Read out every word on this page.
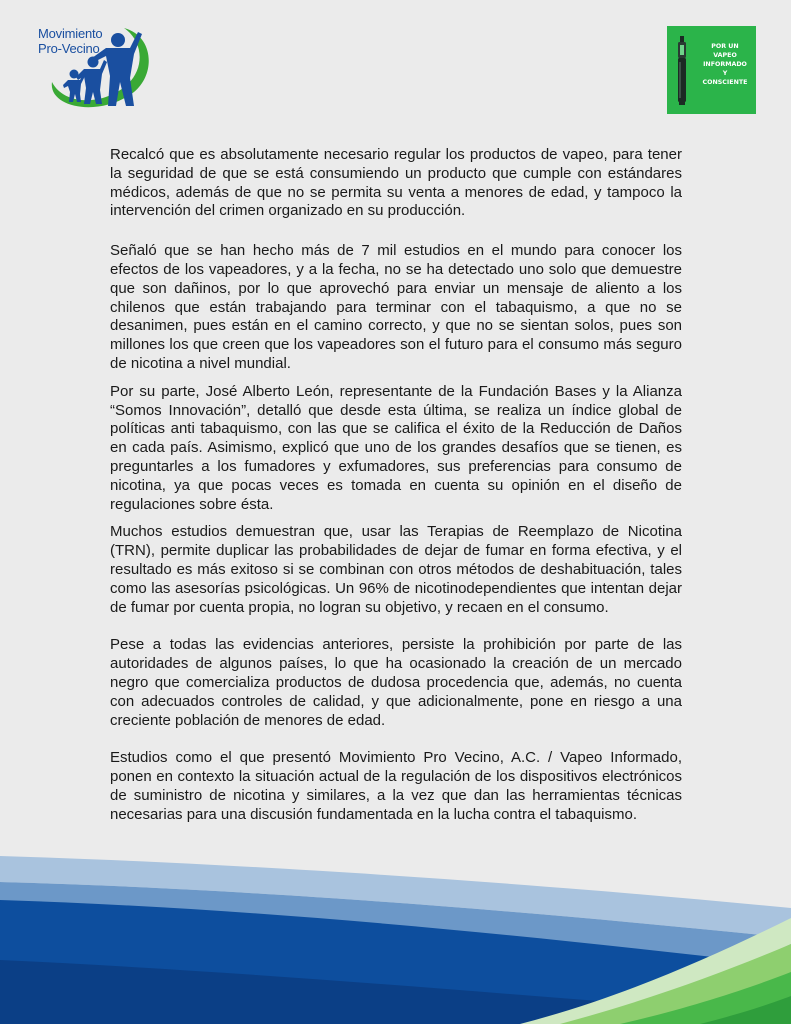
Movimiento
Pro-Vecino	POR UN
VAPEO
INFORMADO
Y
CONSCIENTE

Recalcó que es absolutamente necesario regular los productos de vapeo, para tener la seguridad de que se está consumiendo un producto que cumple con estándares médicos, además de que no se permita su venta a menores de edad, y tampoco la intervención del crimen organizado en su producción.

Señaló que se han hecho más de 7 mil estudios en el mundo para conocer los efectos de los vapeadores, y a la fecha, no se ha detectado uno solo que demuestre que son dañinos, por lo que aprovechó para enviar un mensaje de aliento a los chilenos que están trabajando para terminar con el tabaquismo, a que no se desanimen, pues están en el camino correcto, y que no se sientan solos, pues son millones los que creen que los vapeadores son el futuro para el consumo más seguro de nicotina a nivel mundial.

Por su parte, José Alberto León, representante de la Fundación Bases y la Alianza “Somos Innovación”, detalló que desde esta última, se realiza un índice global de políticas anti tabaquismo, con las que se califica el éxito de la Reducción de Daños en cada país. Asimismo, explicó que uno de los grandes desafíos que se tienen, es preguntarles a los fumadores y exfumadores, sus preferencias para consumo de nicotina, ya que pocas veces es tomada en cuenta su opinión en el diseño de regulaciones sobre ésta.

Muchos estudios demuestran que, usar las Terapias de Reemplazo de Nicotina (TRN), permite duplicar las probabilidades de dejar de fumar en forma efectiva, y el resultado es más exitoso si se combinan con otros métodos de deshabituación, tales como las asesorías psicológicas. Un 96% de nicotinodependientes que intentan dejar de fumar por cuenta propia, no logran su objetivo, y recaen en el consumo.

Pese a todas las evidencias anteriores, persiste la prohibición por parte de las autoridades de algunos países, lo que ha ocasionado la creación de un mercado negro que comercializa productos de dudosa procedencia que, además, no cuenta con adecuados controles de calidad, y que adicionalmente, pone en riesgo a una creciente población de menores de edad.

Estudios como el que presentó Movimiento Pro Vecino, A.C. / Vapeo Informado, ponen en contexto la situación actual de la regulación de los dispositivos electrónicos de suministro de nicotina y similares, a la vez que dan las herramientas técnicas necesarias para una discusión fundamentada en la lucha contra el tabaquismo.
